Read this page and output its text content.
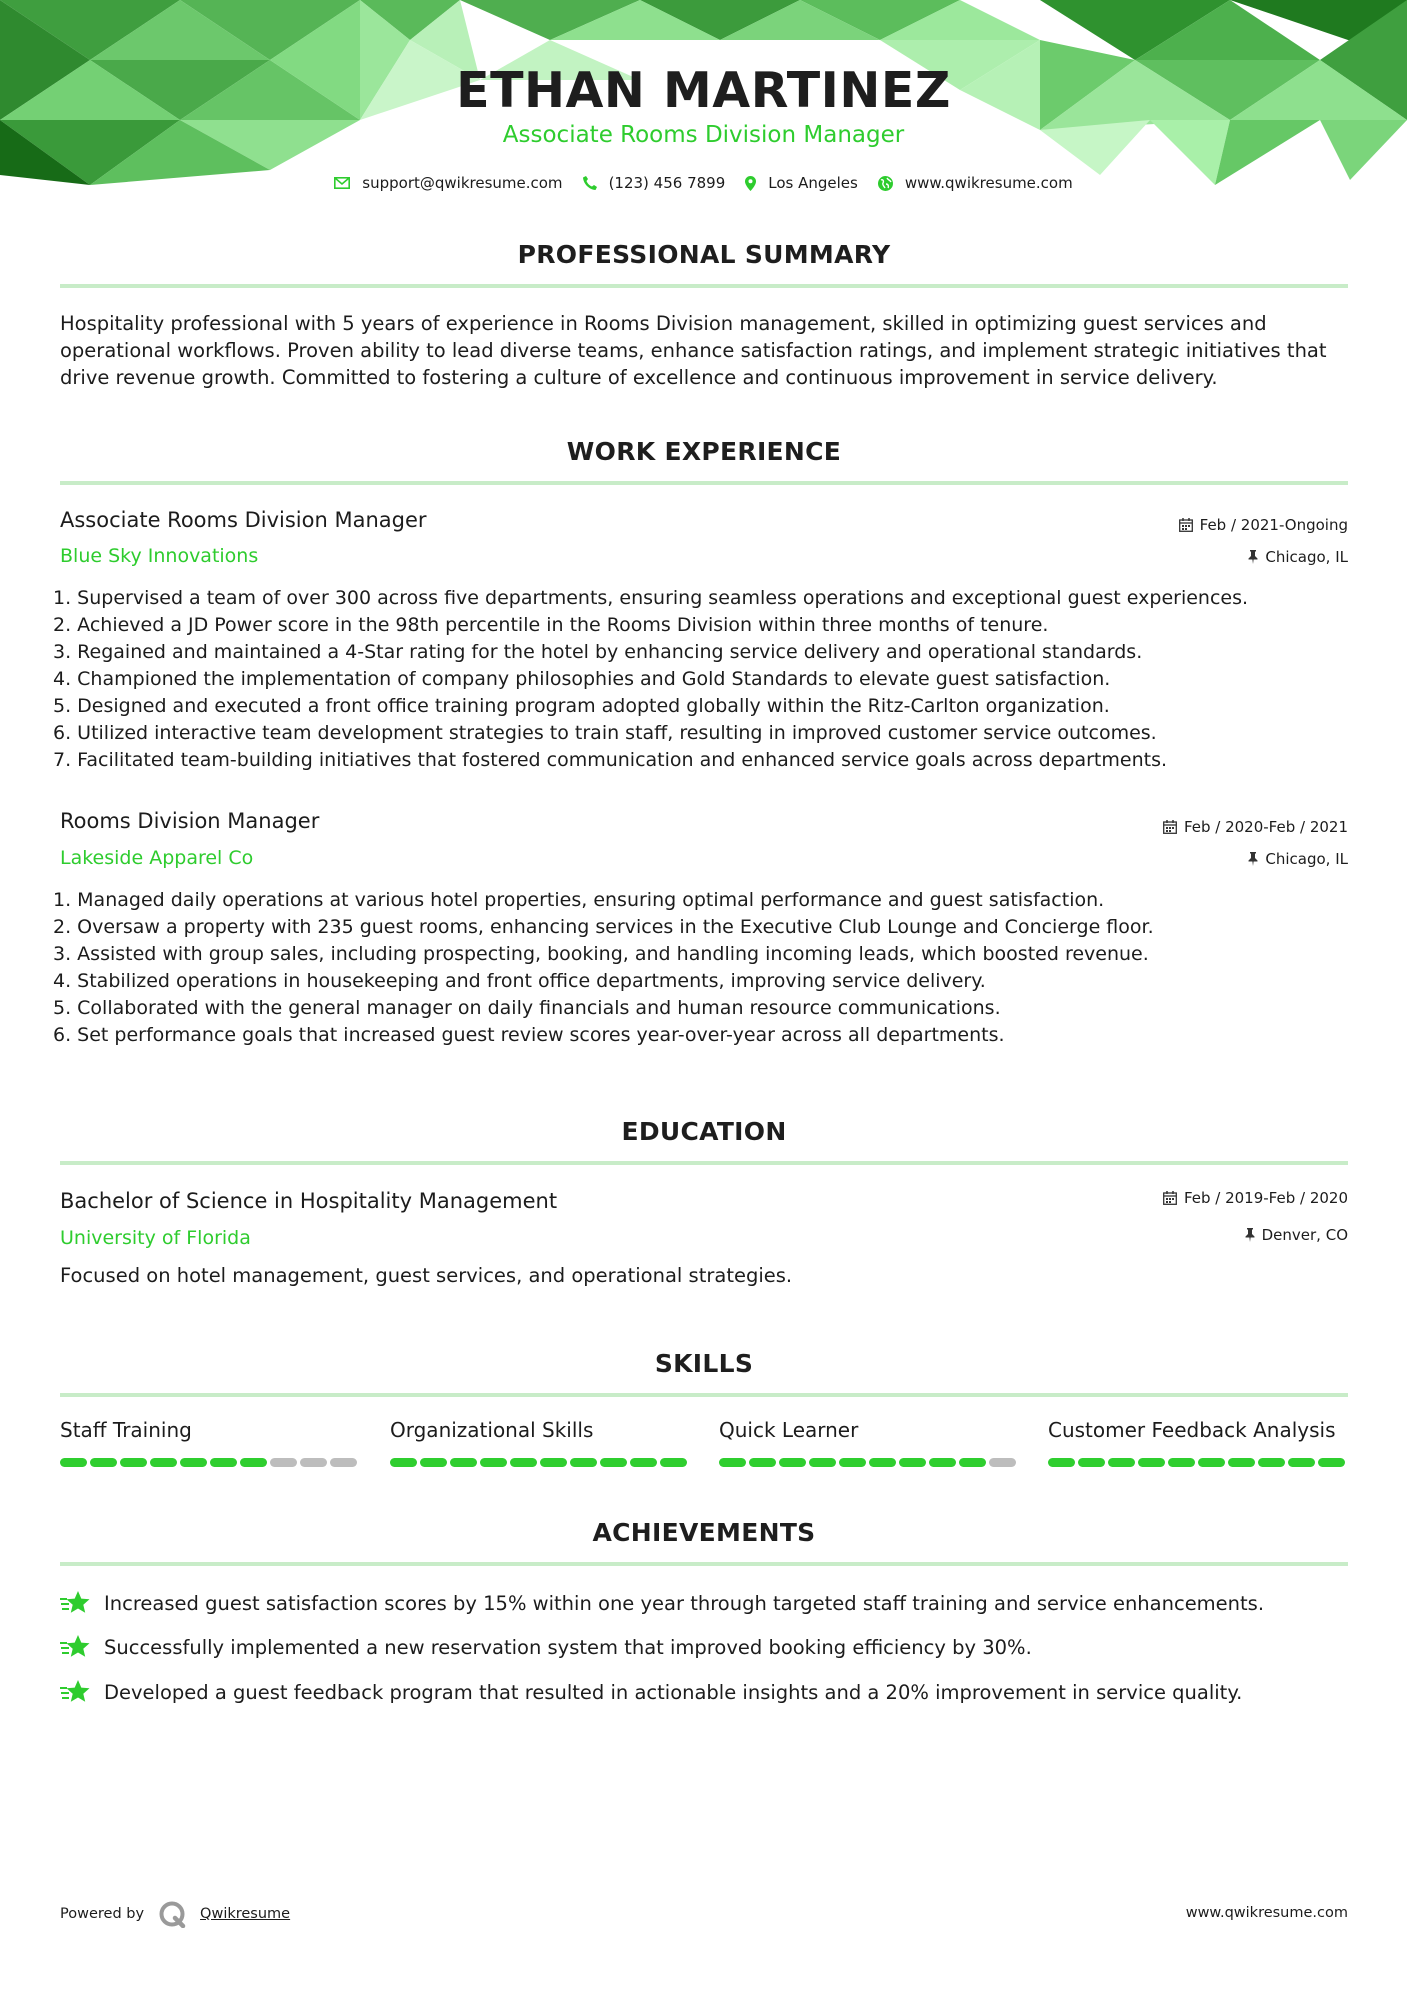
ETHAN MARTINEZ
Associate Rooms Division Manager
support@qwikresume.com	(123) 456 7899	Los Angeles	www.qwikresume.com
PROFESSIONAL SUMMARY
Hospitality professional with 5 years of experience in Rooms Division management, skilled in optimizing guest services and operational workflows. Proven ability to lead diverse teams, enhance satisfaction ratings, and implement strategic initiatives that drive revenue growth. Committed to fostering a culture of excellence and continuous improvement in service delivery.
WORK EXPERIENCE
Associate Rooms Division Manager	Feb / 2021-Ongoing
Blue Sky Innovations	Chicago, IL
1. Supervised a team of over 300 across five departments, ensuring seamless operations and exceptional guest experiences.
2. Achieved a JD Power score in the 98th percentile in the Rooms Division within three months of tenure.
3. Regained and maintained a 4-Star rating for the hotel by enhancing service delivery and operational standards.
4. Championed the implementation of company philosophies and Gold Standards to elevate guest satisfaction.
5. Designed and executed a front office training program adopted globally within the Ritz-Carlton organization.
6. Utilized interactive team development strategies to train staff, resulting in improved customer service outcomes.
7. Facilitated team-building initiatives that fostered communication and enhanced service goals across departments.
Rooms Division Manager	Feb / 2020-Feb / 2021
Lakeside Apparel Co	Chicago, IL
1. Managed daily operations at various hotel properties, ensuring optimal performance and guest satisfaction.
2. Oversaw a property with 235 guest rooms, enhancing services in the Executive Club Lounge and Concierge floor.
3. Assisted with group sales, including prospecting, booking, and handling incoming leads, which boosted revenue.
4. Stabilized operations in housekeeping and front office departments, improving service delivery.
5. Collaborated with the general manager on daily financials and human resource communications.
6. Set performance goals that increased guest review scores year-over-year across all departments.
EDUCATION
Bachelor of Science in Hospitality Management	Feb / 2019-Feb / 2020
University of Florida	Denver, CO
Focused on hotel management, guest services, and operational strategies.
SKILLS
Staff Training	Organizational Skills	Quick Learner	Customer Feedback Analysis
ACHIEVEMENTS
Increased guest satisfaction scores by 15% within one year through targeted staff training and service enhancements.
Successfully implemented a new reservation system that improved booking efficiency by 30%.
Developed a guest feedback program that resulted in actionable insights and a 20% improvement in service quality.
Powered by	Qwikresume	www.qwikresume.com
